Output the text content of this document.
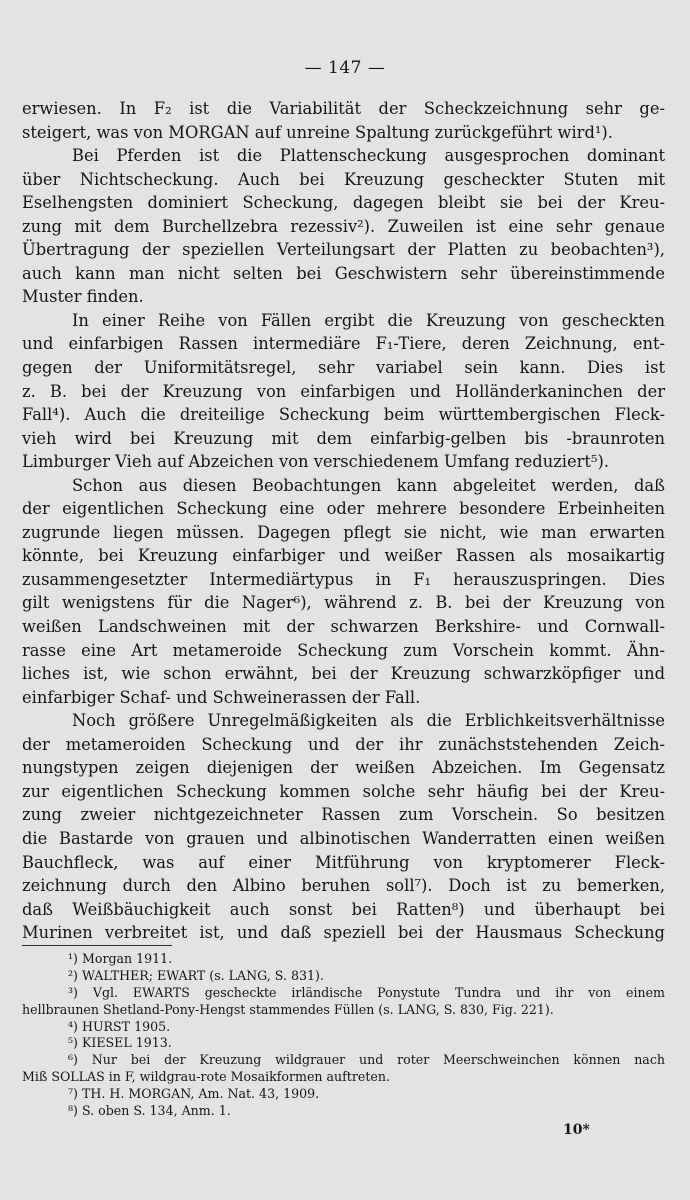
— 147 —
erwiesen. In F₂ ist die Variabilität der Scheckzeichnung sehr ge-
steigert, was von MORGAN auf unreine Spaltung zurückgeführt wird¹).
Bei Pferden ist die Plattenscheckung ausgesprochen dominant
über Nichtscheckung. Auch bei Kreuzung gescheckter Stuten mit
Eselhengsten dominiert Scheckung, dagegen bleibt sie bei der Kreu-
zung mit dem Burchellzebra rezessiv²). Zuweilen ist eine sehr genaue
Übertragung der speziellen Verteilungsart der Platten zu beobachten³),
auch kann man nicht selten bei Geschwistern sehr übereinstimmende
Muster finden.
In einer Reihe von Fällen ergibt die Kreuzung von gescheckten
und einfarbigen Rassen intermediäre F₁-Tiere, deren Zeichnung, ent-
gegen der Uniformitätsregel, sehr variabel sein kann. Dies ist
z. B. bei der Kreuzung von einfarbigen und Holländerkaninchen der
Fall⁴). Auch die dreiteilige Scheckung beim württembergischen Fleck-
vieh wird bei Kreuzung mit dem einfarbig-gelben bis -braunroten
Limburger Vieh auf Abzeichen von verschiedenem Umfang reduziert⁵).
Schon aus diesen Beobachtungen kann abgeleitet werden, daß
der eigentlichen Scheckung eine oder mehrere besondere Erbeinheiten
zugrunde liegen müssen. Dagegen pflegt sie nicht, wie man erwarten
könnte, bei Kreuzung einfarbiger und weißer Rassen als mosaikartig
zusammengesetzter Intermediärtypus in F₁ herauszuspringen. Dies
gilt wenigstens für die Nager⁶), während z. B. bei der Kreuzung von
weißen Landschweinen mit der schwarzen Berkshire- und Cornwall-
rasse eine Art metameroide Scheckung zum Vorschein kommt. Ähn-
liches ist, wie schon erwähnt, bei der Kreuzung schwarzköpfiger und
einfarbiger Schaf- und Schweinerassen der Fall.
Noch größere Unregelmäßigkeiten als die Erblichkeitsverhältnisse
der metameroiden Scheckung und der ihr zunächststehenden Zeich-
nungstypen zeigen diejenigen der weißen Abzeichen. Im Gegensatz
zur eigentlichen Scheckung kommen solche sehr häufig bei der Kreu-
zung zweier nichtgezeichneter Rassen zum Vorschein. So besitzen
die Bastarde von grauen und albinotischen Wanderratten einen weißen
Bauchfleck, was auf einer Mitführung von kryptomerer Fleck-
zeichnung durch den Albino beruhen soll⁷). Doch ist zu bemerken,
daß Weißbäuchigkeit auch sonst bei Ratten⁸) und überhaupt bei
Murinen verbreitet ist, und daß speziell bei der Hausmaus Scheckung
¹) Morgan 1911.
²) WALTHER; EWART (s. LANG, S. 831).
³) Vgl. EWARTS gescheckte irländische Ponystute Tundra und ihr von einem
hellbraunen Shetland-Pony-Hengst stammendes Füllen (s. LANG, S. 830, Fig. 221).
⁴) HURST 1905.
⁵) KIESEL 1913.
⁶) Nur bei der Kreuzung wildgrauer und roter Meerschweinchen können nach
Miß SOLLAS in F, wildgrau-rote Mosaikformen auftreten.
⁷) TH. H. MORGAN, Am. Nat. 43, 1909.
⁸) S. oben S. 134, Anm. 1.
10*
